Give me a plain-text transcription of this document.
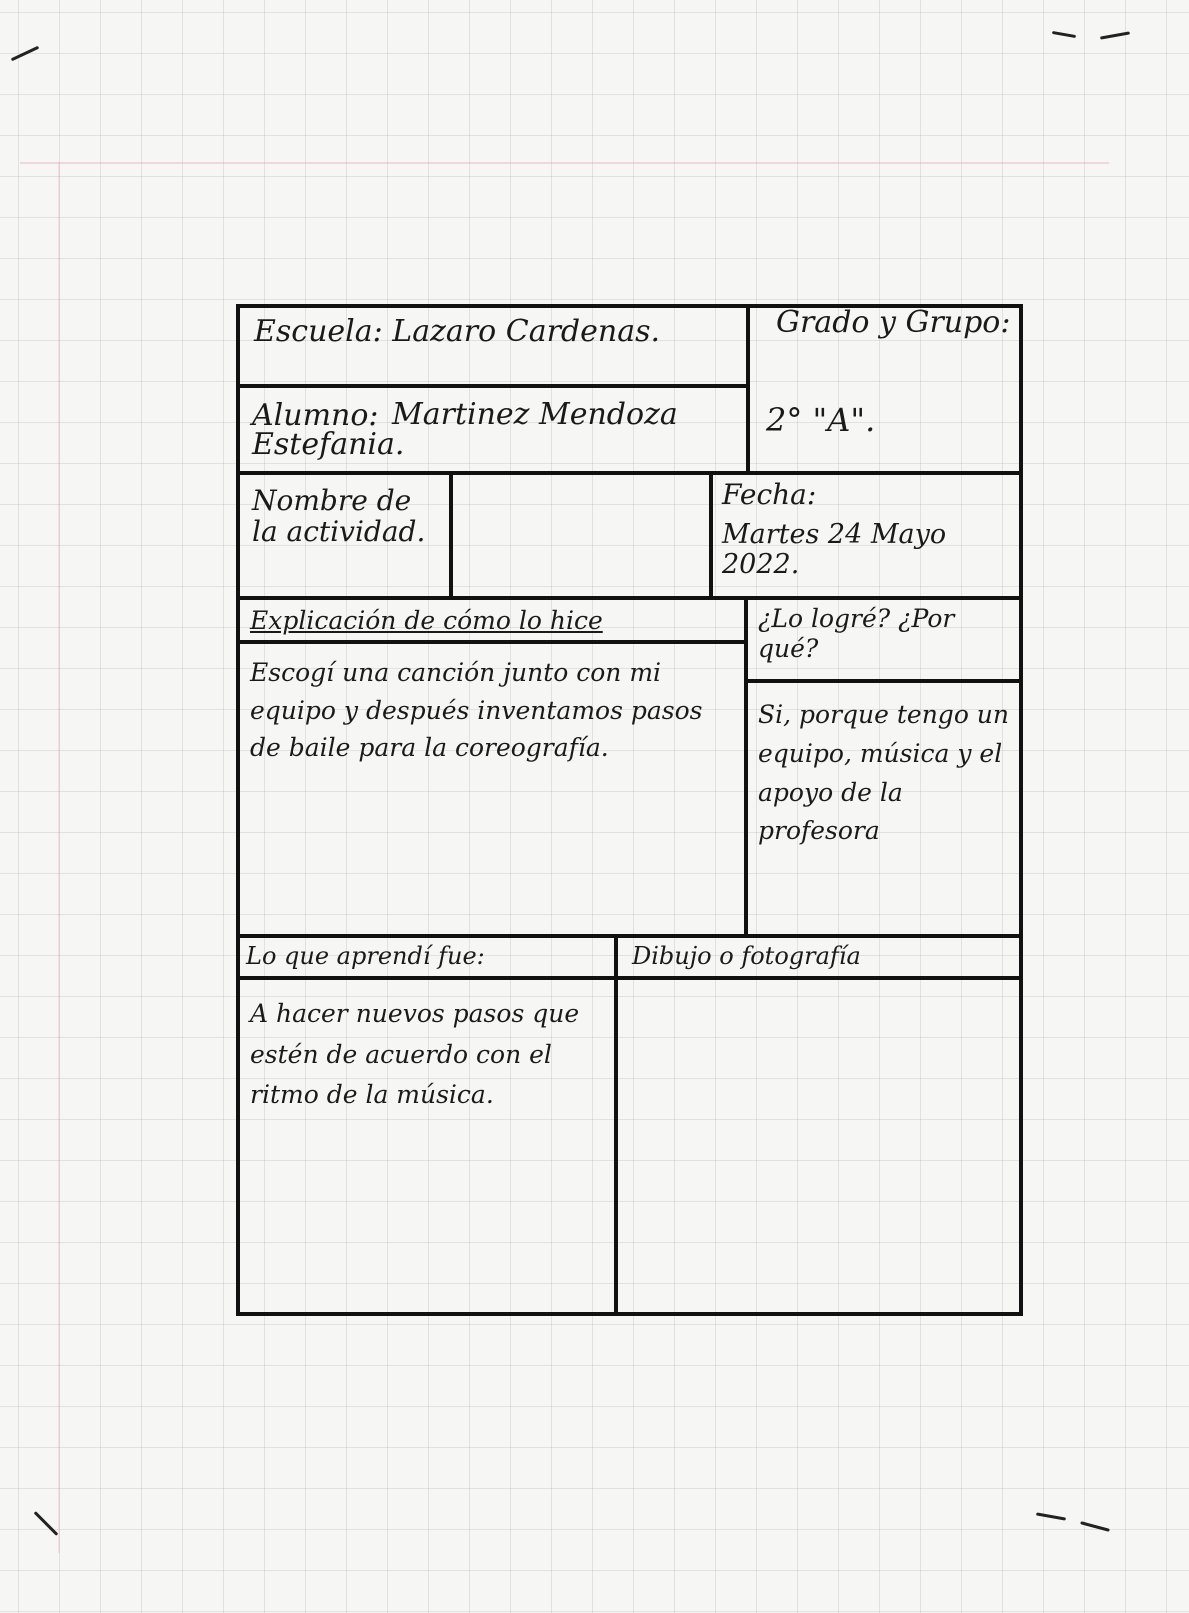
Escuela: Lazaro Cardenas.	Grado y Grupo:
2° "A".
Alumno: Martinez Mendoza Estefania.
Nombre de la actividad.
Fecha:
Martes 24 Mayo 2022.
Explicación de cómo lo hice
Escogí una canción junto con mi equipo y después inventamos pasos de baile para la coreografía.
¿Lo logré? ¿Por qué?
Si, porque tengo un equipo, música y el apoyo de la profesora
Lo que aprendí fue:
A hacer nuevos pasos que estén de acuerdo con el ritmo de la música.
Dibujo o fotografía
